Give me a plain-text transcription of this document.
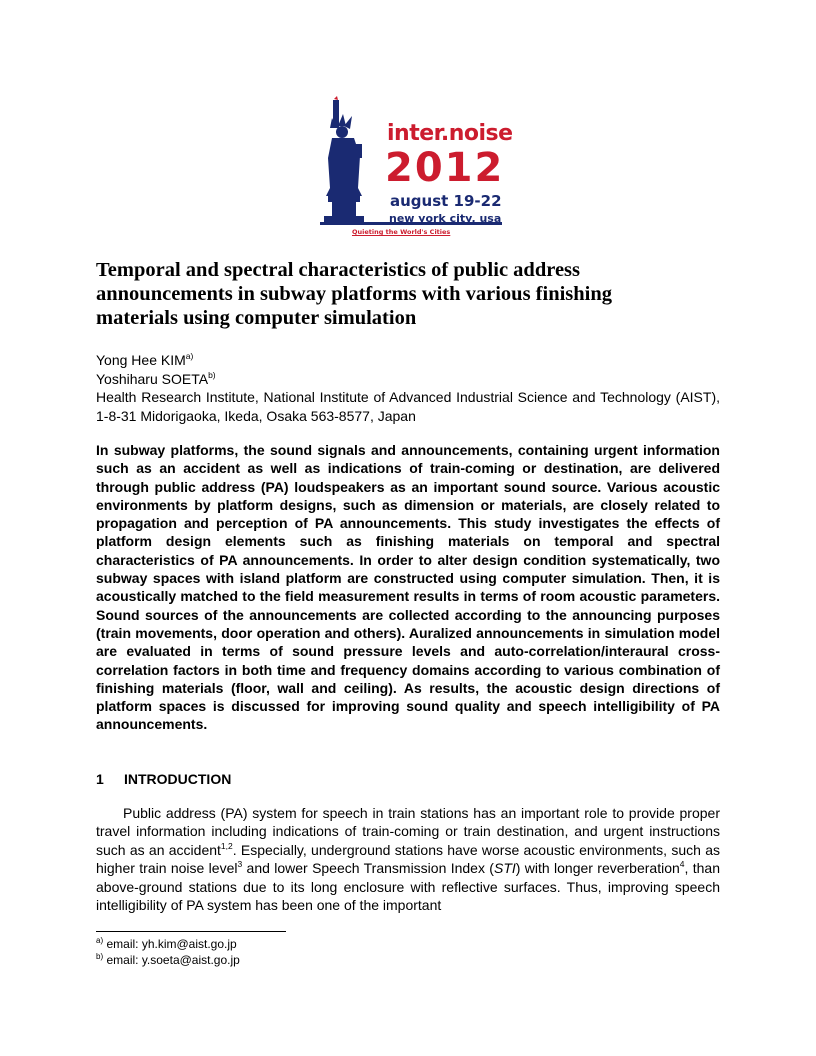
inter.noise
2012
august 19-22
new york city, usa
Quieting the World's Cities
Temporal and spectral characteristics of public address announcements in subway platforms with various finishing materials using computer simulation
Yong Hee KIM$^{a)}$
Yoshiharu SOETA$^{b)}$
Health Research Institute, National Institute of Advanced Industrial Science and Technology (AIST), 1-8-31 Midorigaoka, Ikeda, Osaka 563-8577, Japan
In subway platforms, the sound signals and announcements, containing urgent information such as an accident as well as indications of train-coming or destination, are delivered through public address (PA) loudspeakers as an important sound source. Various acoustic environments by platform designs, such as dimension or materials, are closely related to propagation and perception of PA announcements. This study investigates the effects of platform design elements such as finishing materials on temporal and spectral characteristics of PA announcements. In order to alter design condition systematically, two subway spaces with island platform are constructed using computer simulation. Then, it is acoustically matched to the field measurement results in terms of room acoustic parameters. Sound sources of the announcements are collected according to the announcing purposes (train movements, door operation and others). Auralized announcements in simulation model are evaluated in terms of sound pressure levels and auto-correlation/interaural cross-correlation factors in both time and frequency domains according to various combination of finishing materials (floor, wall and ceiling). As results, the acoustic design directions of platform spaces is discussed for improving sound quality and speech intelligibility of PA announcements.
1 INTRODUCTION
Public address (PA) system for speech in train stations has an important role to provide proper travel information including indications of train-coming or train destination, and urgent instructions such as an accident$^{1,2}$. Especially, underground stations have worse acoustic environments, such as higher train noise level$^3$ and lower Speech Transmission Index (STI) with longer reverberation$^4$, than above-ground stations due to its long enclosure with reflective surfaces. Thus, improving speech intelligibility of PA system has been one of the important
$^{a)}$ email: yh.kim@aist.go.jp
$^{b)}$ email: y.soeta@aist.go.jp
